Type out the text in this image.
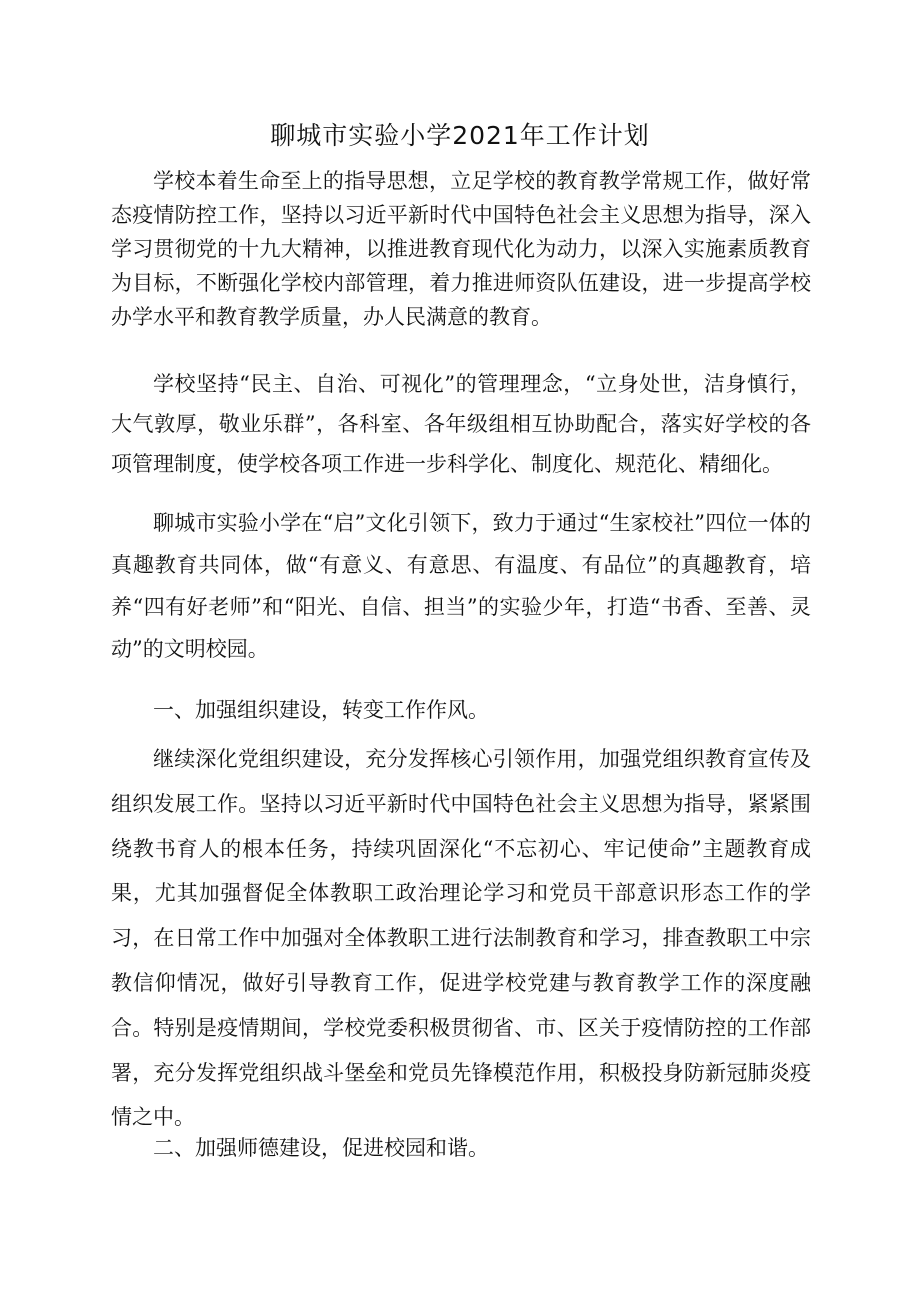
聊城市实验小学2021年工作计划

学校本着生命至上的指导思想，立足学校的教育教学常规工作，做好常态疫情防控工作，坚持以习近平新时代中国特色社会主义思想为指导，深入学习贯彻党的十九大精神，以推进教育现代化为动力，以深入实施素质教育为目标，不断强化学校内部管理，着力推进师资队伍建设，进一步提高学校办学水平和教育教学质量，办人民满意的教育。

学校坚持“民主、自治、可视化”的管理理念，“立身处世，洁身慎行，大气敦厚，敬业乐群”，各科室、各年级组相互协助配合，落实好学校的各项管理制度，使学校各项工作进一步科学化、制度化、规范化、精细化。

聊城市实验小学在“启”文化引领下，致力于通过“生家校社”四位一体的真趣教育共同体，做“有意义、有意思、有温度、有品位”的真趣教育，培养“四有好老师”和“阳光、自信、担当”的实验少年，打造“书香、至善、灵动”的文明校园。

一、加强组织建设，转变工作作风。

继续深化党组织建设，充分发挥核心引领作用，加强党组织教育宣传及组织发展工作。坚持以习近平新时代中国特色社会主义思想为指导，紧紧围绕教书育人的根本任务，持续巩固深化“不忘初心、牢记使命”主题教育成果，尤其加强督促全体教职工政治理论学习和党员干部意识形态工作的学习，在日常工作中加强对全体教职工进行法制教育和学习，排查教职工中宗教信仰情况，做好引导教育工作，促进学校党建与教育教学工作的深度融合。特别是疫情期间，学校党委积极贯彻省、市、区关于疫情防控的工作部署，充分发挥党组织战斗堡垒和党员先锋模范作用，积极投身防新冠肺炎疫情之中。

二、加强师德建设，促进校园和谐。
